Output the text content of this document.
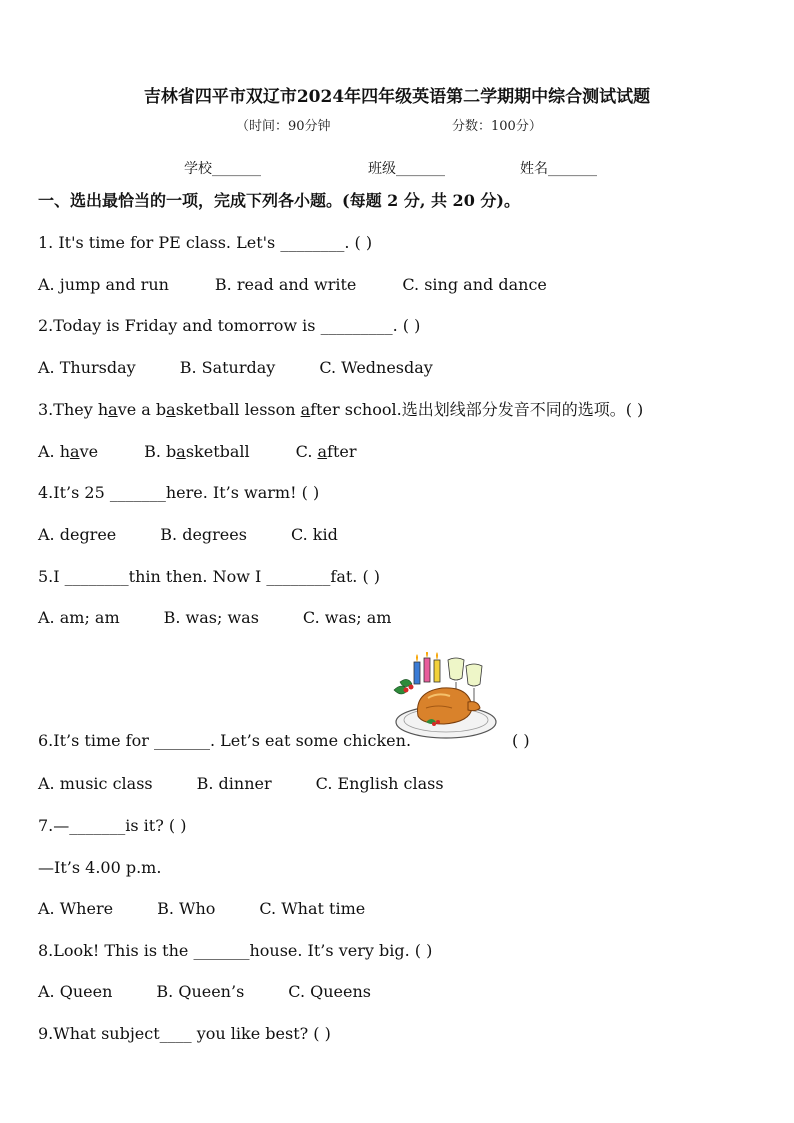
吉林省四平市双辽市2024年四年级英语第二学期期中综合测试试题
（时间：90分钟	分数：100分）
学校_______	班级_______	姓名_______
一、选出最恰当的一项，完成下列各小题。(每题 2 分, 共 20 分)。
1. It's time for PE class. Let's ________. ( )
A. jump and run	B. read and write	C. sing and dance
2.Today is Friday and tomorrow is _________. ( )
A. Thursday	B. Saturday	C. Wednesday
3.They have a basketball lesson after school.选出划线部分发音不同的选项。( )
A. have	B. basketball	C. after
4.It’s 25 _______here. It’s warm! ( )
A. degree	B. degrees	C. kid
5.I ________thin then. Now I ________fat. ( )
A. am; am	B. was; was	C. was; am
6.It’s time for _______. Let’s eat some chicken.	( )
A. music class	B. dinner	C. English class
7.—_______is it? ( )
—It’s 4.00 p.m.
A. Where	B. Who	C. What time
8.Look! This is the _______house. It’s very big. ( )
A. Queen	B. Queen’s	C. Queens
9.What subject____ you like best? ( )
